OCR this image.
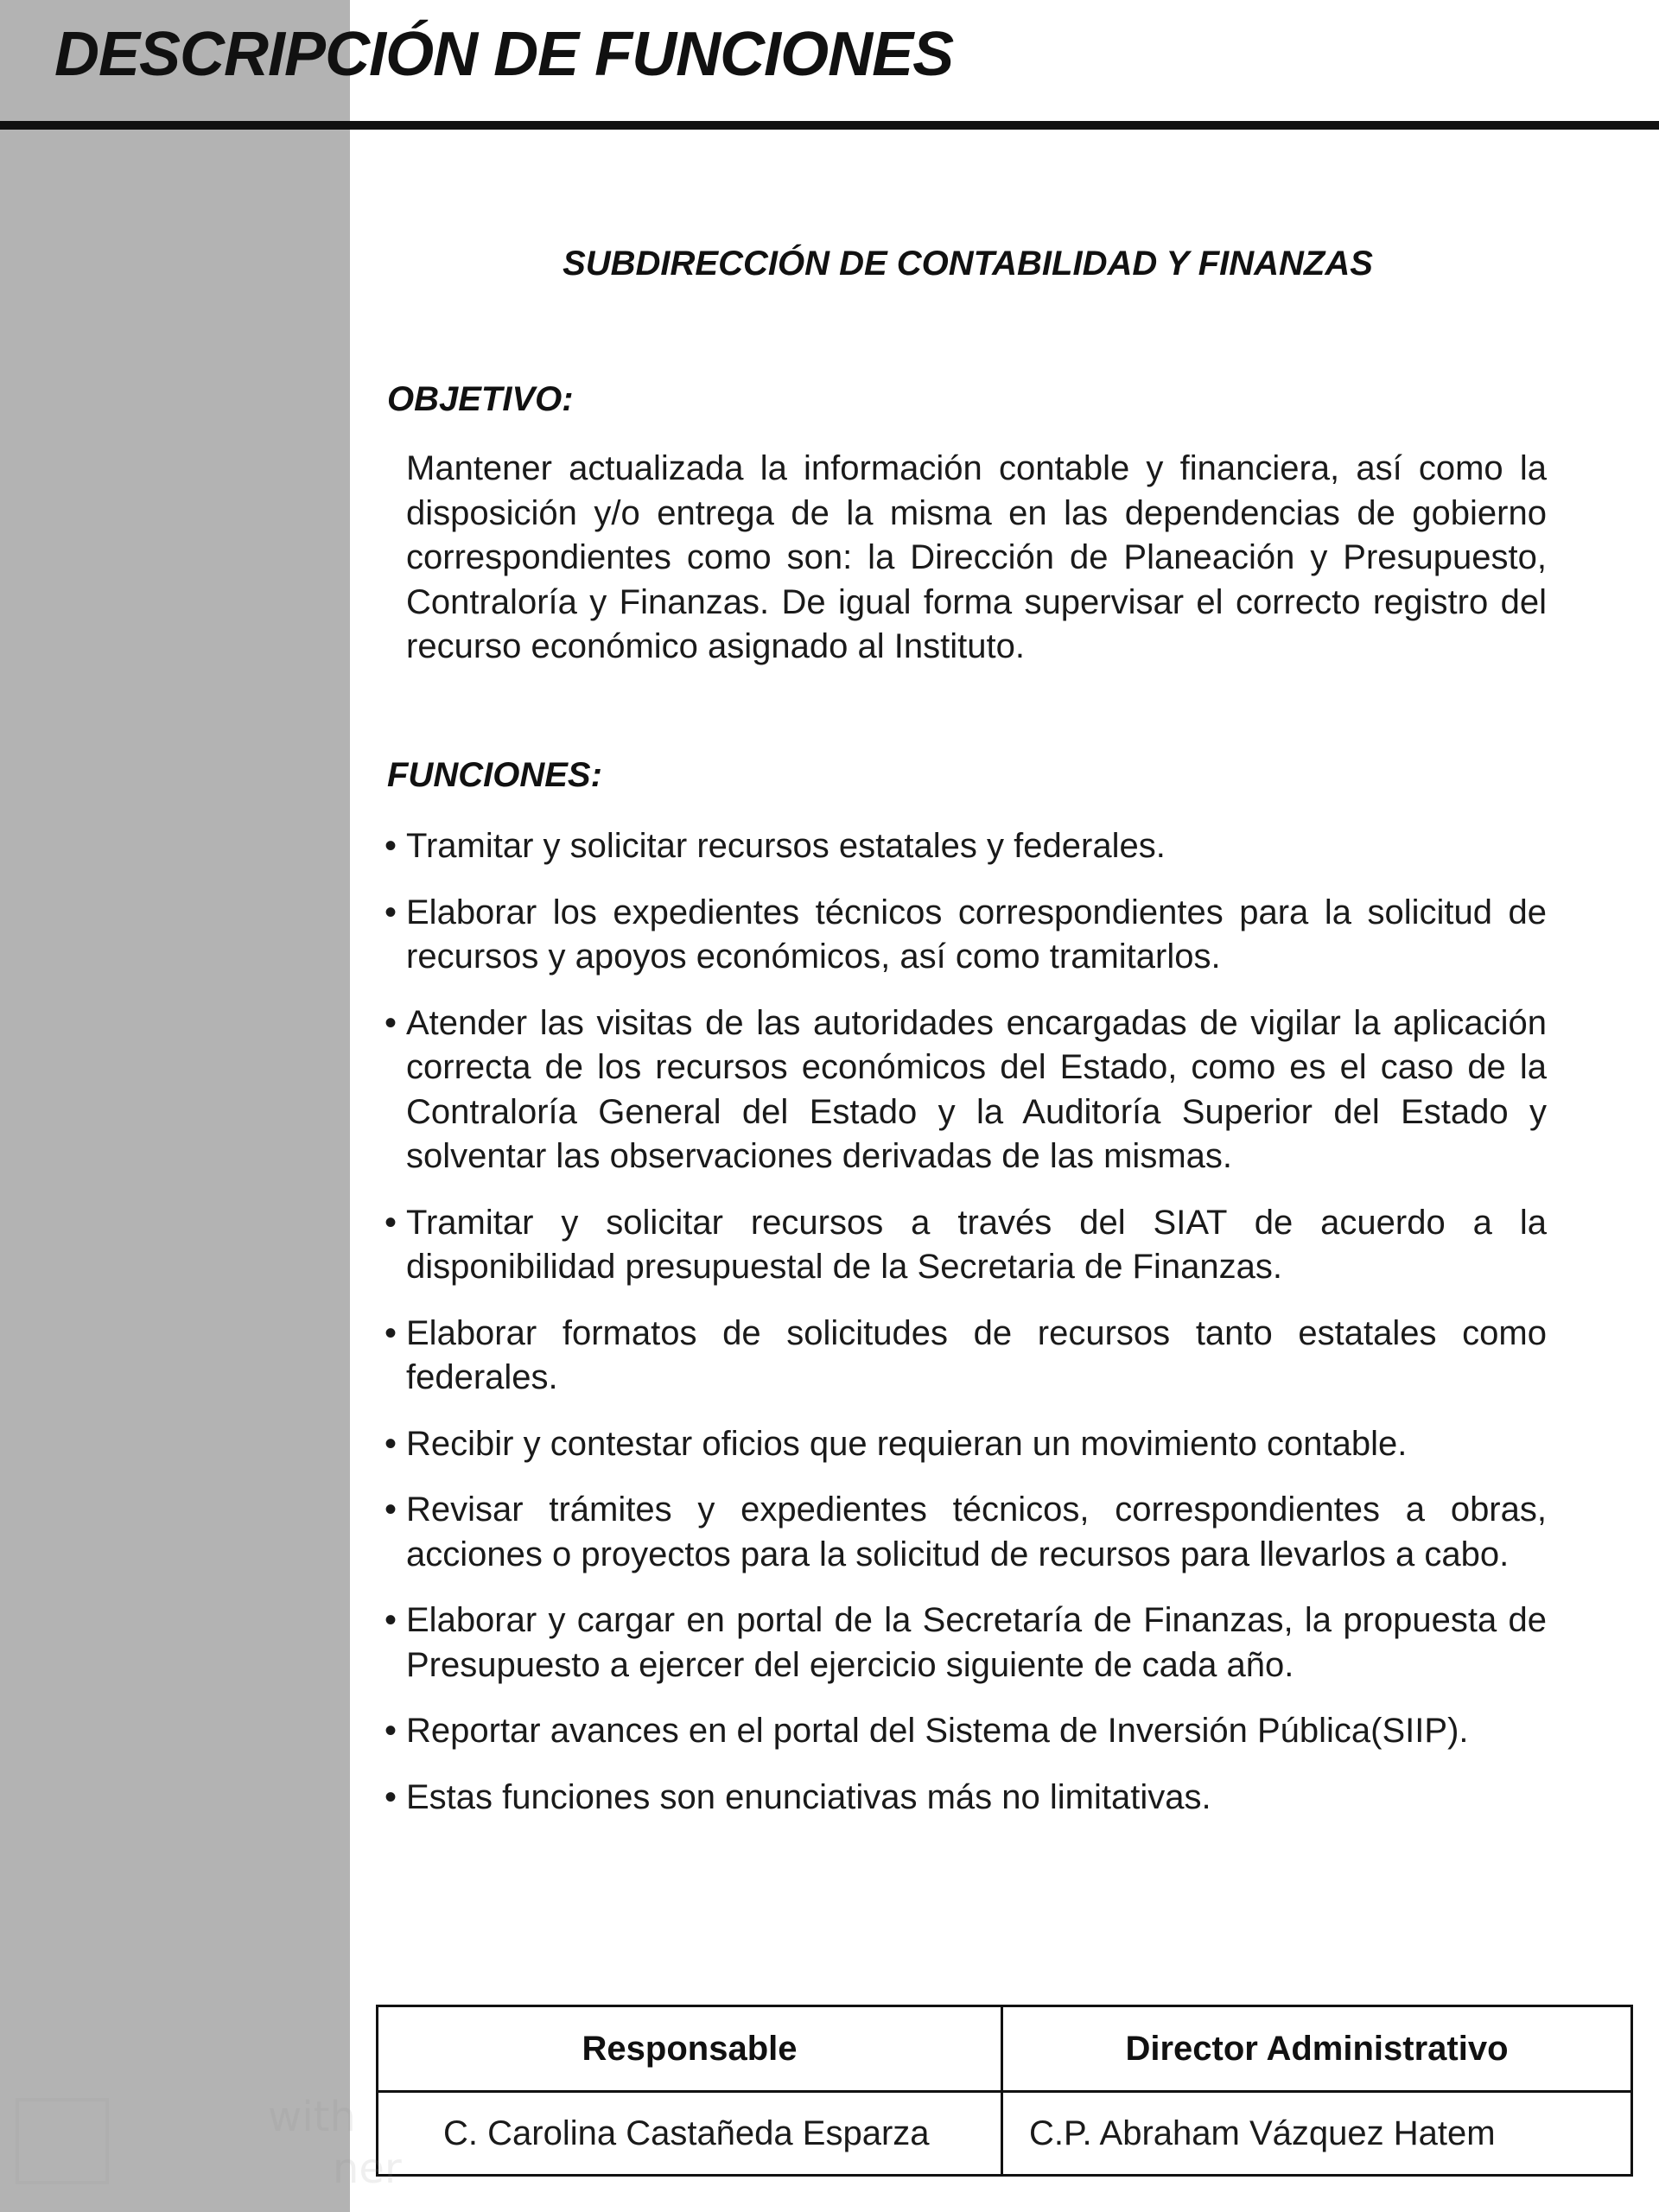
DESCRIPCIÓN DE FUNCIONES
SUBDIRECCIÓN DE CONTABILIDAD Y FINANZAS
OBJETIVO:

Mantener actualizada la información contable y financiera, así como la disposición y/o entrega de la misma en las dependencias de gobierno correspondientes como son: la Dirección de Planeación y Presupuesto, Contraloría y Finanzas. De igual forma supervisar el correcto registro del recurso económico asignado al Instituto.

FUNCIONES:
• Tramitar y solicitar recursos estatales y federales.
• Elaborar los expedientes técnicos correspondientes para la solicitud de recursos y apoyos económicos, así como tramitarlos.
• Atender las visitas de las autoridades encargadas de vigilar la aplicación correcta de los recursos económicos del Estado, como es el caso de la Contraloría General del Estado y la Auditoría Superior del Estado y solventar las observaciones derivadas de las mismas.
• Tramitar y solicitar recursos a través del SIAT de acuerdo a la disponibilidad presupuestal de la Secretaria de Finanzas.
• Elaborar formatos de solicitudes de recursos tanto estatales como federales.
• Recibir y contestar oficios que requieran un movimiento contable.
• Revisar trámites y expedientes técnicos, correspondientes a obras, acciones o proyectos para la solicitud de recursos para llevarlos a cabo.
• Elaborar y cargar en portal de la Secretaría de Finanzas, la propuesta de Presupuesto a ejercer del ejercicio siguiente de cada año.
• Reportar avances en el portal del Sistema de Inversión Pública(SIIP).
• Estas funciones son enunciativas más no limitativas.
Responsable	Director Administrativo
C. Carolina Castañeda Esparza	C.P. Abraham Vázquez Hatem
with
ner
